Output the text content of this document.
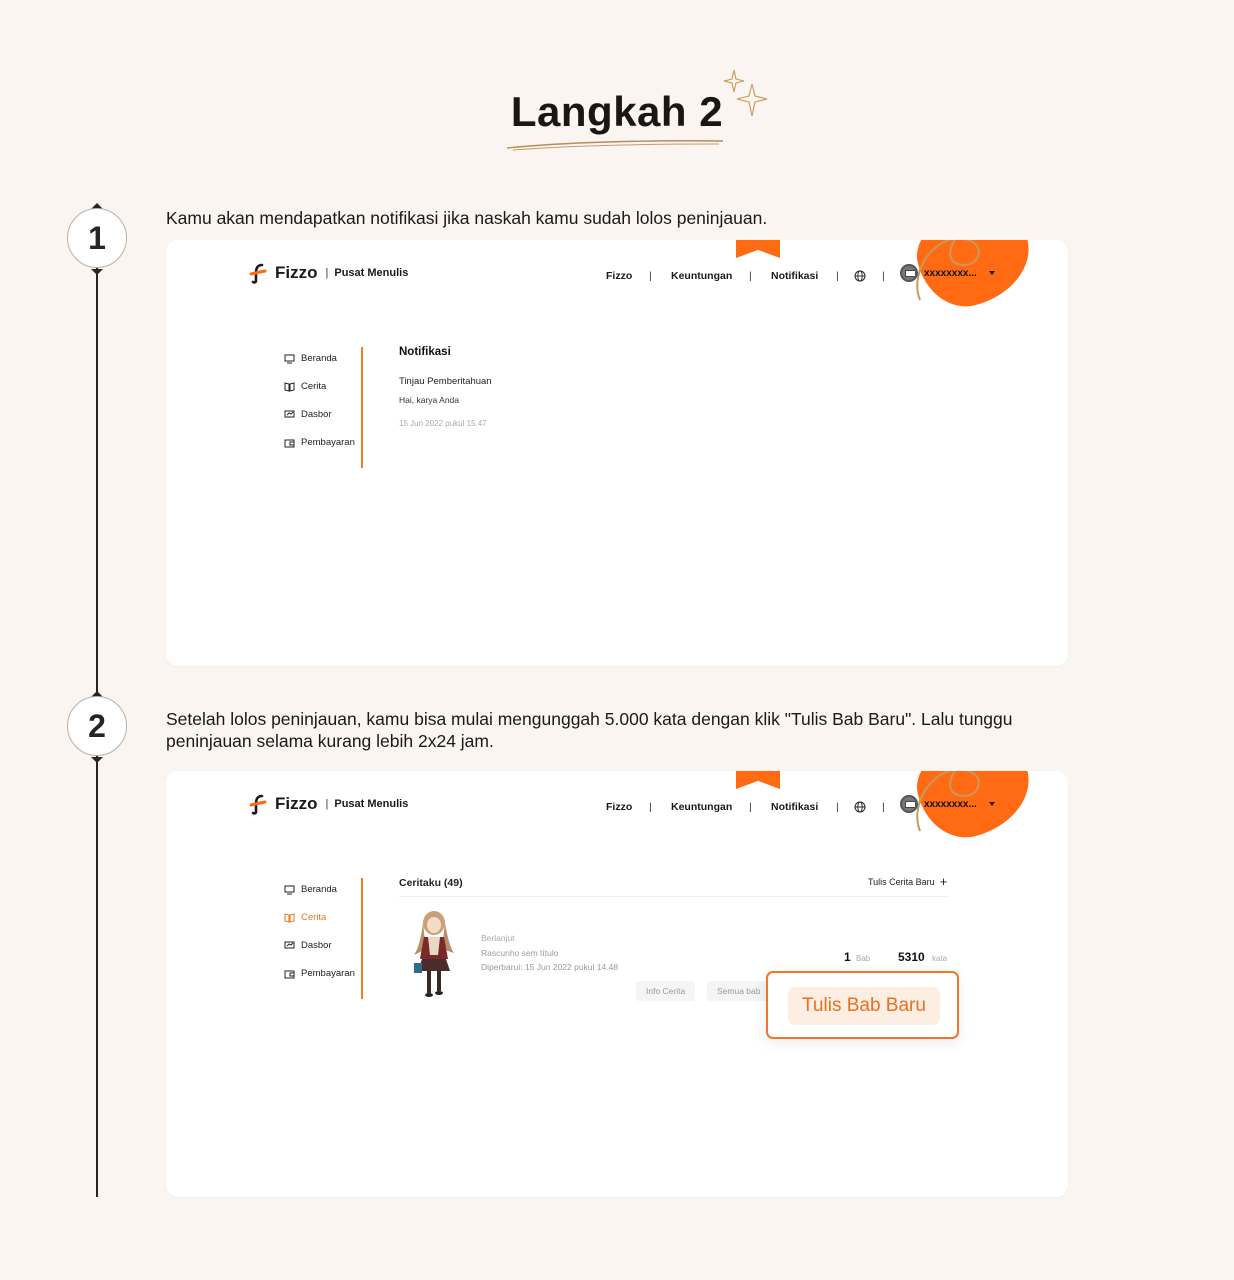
Langkah 2
1
2
Kamu akan mendapatkan notifikasi jika naskah kamu sudah lolos peninjauan.
Setelah lolos peninjauan, kamu bisa mulai mengunggah 5.000 kata dengan klik "Tulis Bab Baru". Lalu tunggu peninjauan selama kurang lebih 2x24 jam.
Fizzo | Pusat Menulis	Fizzo | Keuntungan | Notifikasi |	|	xxxxxxxx...
Beranda
Cerita
Dasbor
Pembayaran
Notifikasi
Tinjau Pemberitahuan
Hai, karya Anda
15 Jun 2022 pukul 15.47
Fizzo | Pusat Menulis	Fizzo | Keuntungan | Notifikasi |	|	xxxxxxxx...
Beranda
Cerita
Dasbor
Pembayaran
Ceritaku (49)	Tulis Cerita Baru +
Berlanjut
Rascunho sem título
Diperbarui: 15 Jun 2022 pukul 14.48
1 Bab 5310 kata
Info Cerita	Semua bab
Tulis Bab Baru
